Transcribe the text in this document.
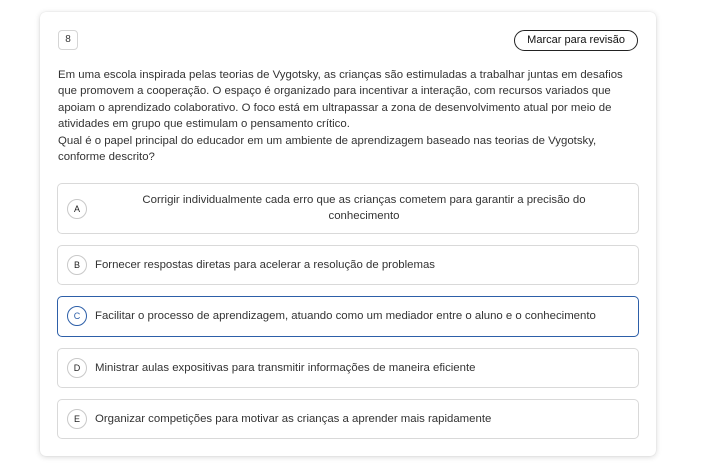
8	Marcar para revisão

Em uma escola inspirada pelas teorias de Vygotsky, as crianças são estimuladas a trabalhar juntas em desafios que promovem a cooperação. O espaço é organizado para incentivar a interação, com recursos variados que apoiam o aprendizado colaborativo. O foco está em ultrapassar a zona de desenvolvimento atual por meio de atividades em grupo que estimulam o pensamento crítico.

Qual é o papel principal do educador em um ambiente de aprendizagem baseado nas teorias de Vygotsky, conforme descrito?

A
Corrigir individualmente cada erro que as crianças cometem para garantir a precisão do conhecimento
B	Fornecer respostas diretas para acelerar a resolução de problemas
C	Facilitar o processo de aprendizagem, atuando como um mediador entre o aluno e o conhecimento
D	Ministrar aulas expositivas para transmitir informações de maneira eficiente
E	Organizar competições para motivar as crianças a aprender mais rapidamente
